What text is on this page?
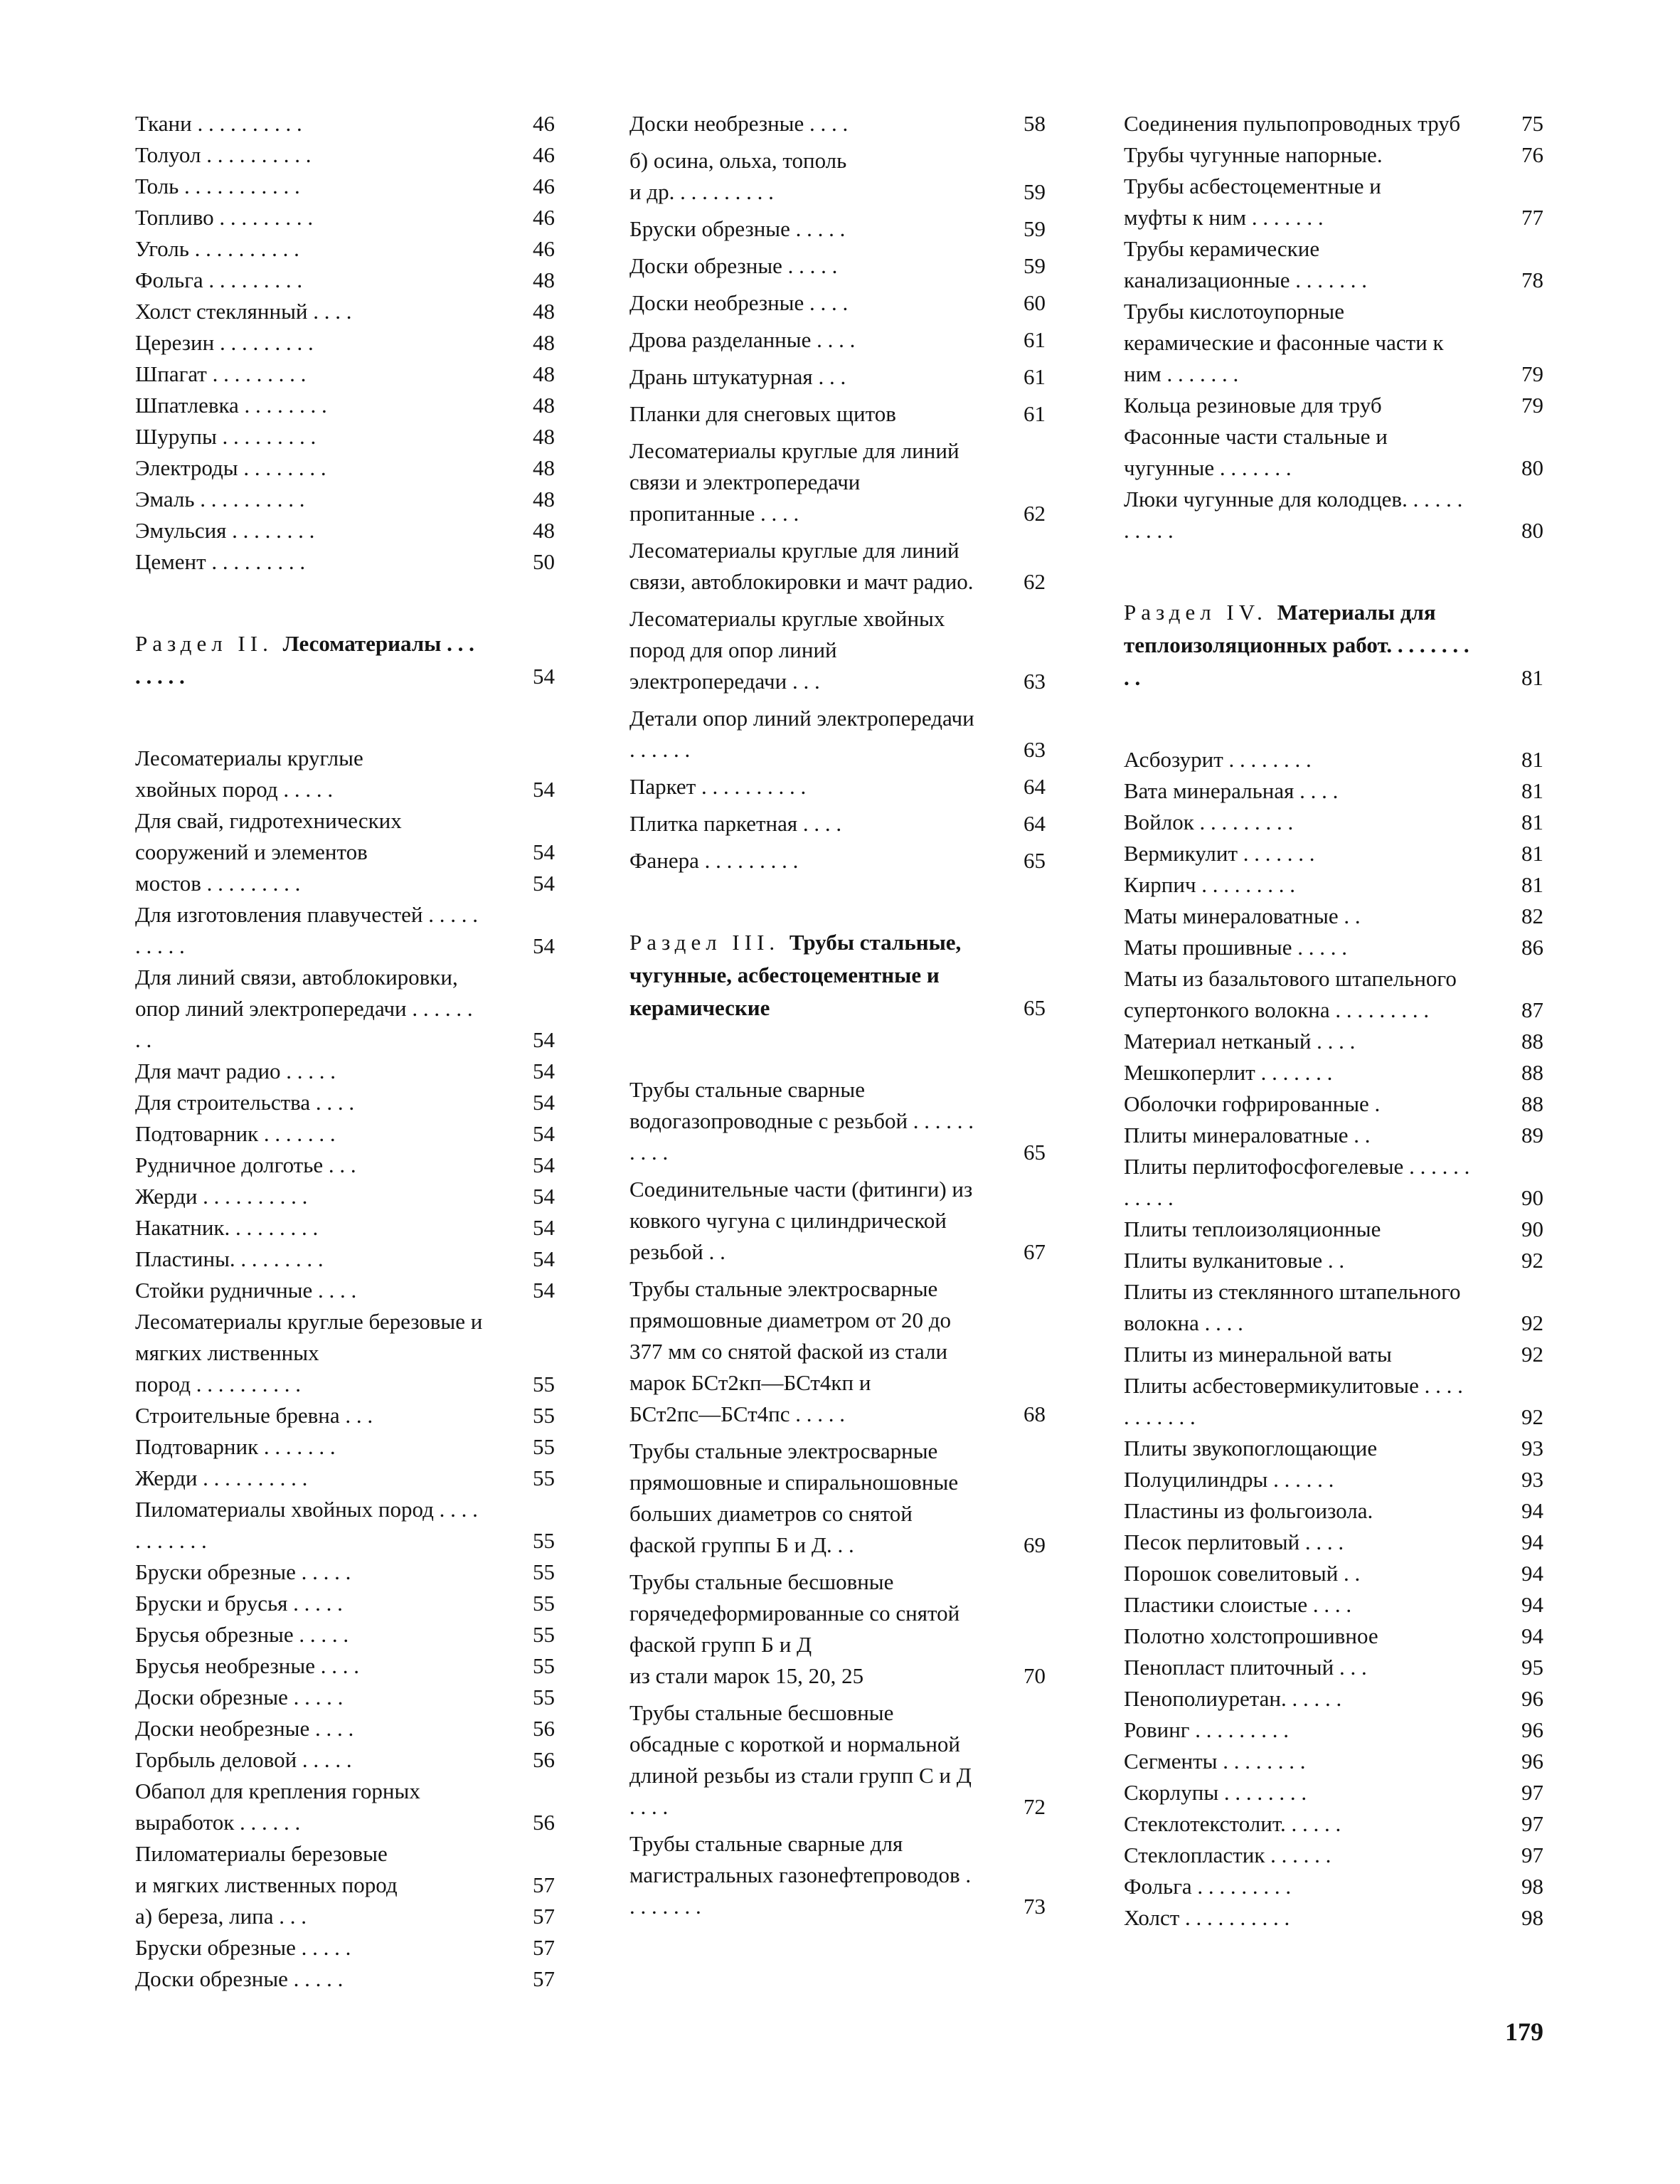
Ткани . . . . . . . . . .	46
Толуол . . . . . . . . . .	46
Толь . . . . . . . . . . .	46
Топливо . . . . . . . . .	46
Уголь . . . . . . . . . .	46
Фольга . . . . . . . . .	48
Холст стеклянный . . . .	48
Церезин . . . . . . . . .	48
Шпагат . . . . . . . . .	48
Шпатлевка . . . . . . . .	48
Шурупы . . . . . . . . .	48
Электроды . . . . . . . .	48
Эмаль . . . . . . . . . .	48
Эмульсия . . . . . . . .	48
Цемент . . . . . . . . .	50
Раздел II. Лесоматериалы . . . . . . . .	54
Лесоматериалы круглые
хвойных пород . . . . .	54
Для свай, гидротехнических
сооружений и элементов	54
мостов . . . . . . . . .	54
Для изготовления плавучестей . . . . . . . . . .	54
Для линий связи, автоблокировки, опор линий электропередачи . . . . . . . .	54
Для мачт радио . . . . .	54
Для строительства . . . .	54
Подтоварник . . . . . . .	54
Рудничное долготье . . .	54
Жерди . . . . . . . . . .	54
Накатник. . . . . . . . .	54
Пластины. . . . . . . . .	54
Стойки рудничные . . . .	54
Лесоматериалы круглые березовые и мягких лиственных
пород . . . . . . . . . .	55
Строительные бревна . . .	55
Подтоварник . . . . . . .	55
Жерди . . . . . . . . . .	55
Пиломатериалы хвойных пород . . . . . . . . . . .	55
Бруски обрезные . . . . .	55
Бруски и брусья . . . . .	55
Брусья обрезные . . . . .	55
Брусья необрезные . . . .	55
Доски обрезные . . . . .	55
Доски необрезные . . . .	56
Горбыль деловой . . . . .	56
Обапол для крепления горных выработок . . . . . .	56
Пиломатериалы березовые
и мягких лиственных пород	57
а) береза, липа . . .	57
Бруски обрезные . . . . .	57
Доски обрезные . . . . .	57
Доски необрезные . . . .	58
б) осина, ольха, тополь
и др. . . . . . . . . .	59
Бруски обрезные . . . . .	59
Доски обрезные . . . . .	59
Доски необрезные . . . .	60
Дрова разделанные . . . .	61
Дрань штукатурная . . .	61
Планки для снеговых щитов	61
Лесоматериалы круглые для линий связи и электропередачи пропитанные . . . .	62
Лесоматериалы круглые для линий связи, автоблокировки и мачт радио.	62
Лесоматериалы круглые хвойных пород для опор линий электропередачи . . .	63
Детали опор линий электропередачи . . . . . .	63
Паркет . . . . . . . . . .	64
Плитка паркетная . . . .	64
Фанера . . . . . . . . .	65
Раздел III. Трубы стальные, чугунные, асбестоцементные и керамические	65
Трубы стальные сварные водогазопроводные с резьбой . . . . . . . . . .	65
Соединительные части (фитинги) из ковкого чугуна с цилиндрической резьбой . .	67
Трубы стальные электросварные прямошовные диаметром от 20 до 377 мм со снятой фаской из стали марок БСт2кп—БСт4кп и
БСт2пс—БСт4пс . . . . .	68
Трубы стальные электросварные прямошовные и спиральношовные больших диаметров со снятой фаской группы Б и Д. . .	69
Трубы стальные бесшовные горячедеформированные со снятой фаской групп Б и Д
из стали марок 15, 20, 25	70
Трубы стальные бесшовные обсадные с короткой и нормальной длиной резьбы из стали групп С и Д . . . .	72
Трубы стальные сварные для магистральных газонефтепроводов . . . . . . . .	73
Соединения пульпопроводных труб	75
Трубы чугунные напорные.	76
Трубы асбестоцементные и
муфты к ним . . . . . . .	77
Трубы керамические канализационные . . . . . . .	78
Трубы кислотоупорные керамические и фасонные части к ним . . . . . . .	79
Кольца резиновые для труб	79
Фасонные части стальные и
чугунные . . . . . . .	80
Люки чугунные для колодцев. . . . . . . . . . .	80
Раздел IV. Материалы для теплоизоляционных работ. . . . . . . . . .	81
Асбозурит . . . . . . . .	81
Вата минеральная . . . .	81
Войлок . . . . . . . . .	81
Вермикулит . . . . . . .	81
Кирпич . . . . . . . . .	81
Маты минераловатные . .	82
Маты прошивные . . . . .	86
Маты из базальтового штапельного супертонкого волокна . . . . . . . . .	87
Материал нетканый . . . .	88
Мешкоперлит . . . . . . .	88
Оболочки гофрированные .	88
Плиты минераловатные . .	89
Плиты перлитофосфогелевые . . . . . . . . . . .	90
Плиты теплоизоляционные	90
Плиты вулканитовые . .	92
Плиты из стеклянного штапельного волокна . . . .	92
Плиты из минеральной ваты	92
Плиты асбестовермикулитовые . . . . . . . . . . .	92
Плиты звукопоглощающие	93
Полуцилиндры . . . . . .	93
Пластины из фольгоизола.	94
Песок перлитовый . . . .	94
Порошок совелитовый . .	94
Пластики слоистые . . . .	94
Полотно холстопрошивное	94
Пенопласт плиточный . . .	95
Пенополиуретан. . . . . .	96
Ровинг . . . . . . . . .	96
Сегменты . . . . . . . .	96
Скорлупы . . . . . . . .	97
Стеклотекстолит. . . . . .	97
Стеклопластик . . . . . .	97
Фольга . . . . . . . . .	98
Холст . . . . . . . . . .	98
179
